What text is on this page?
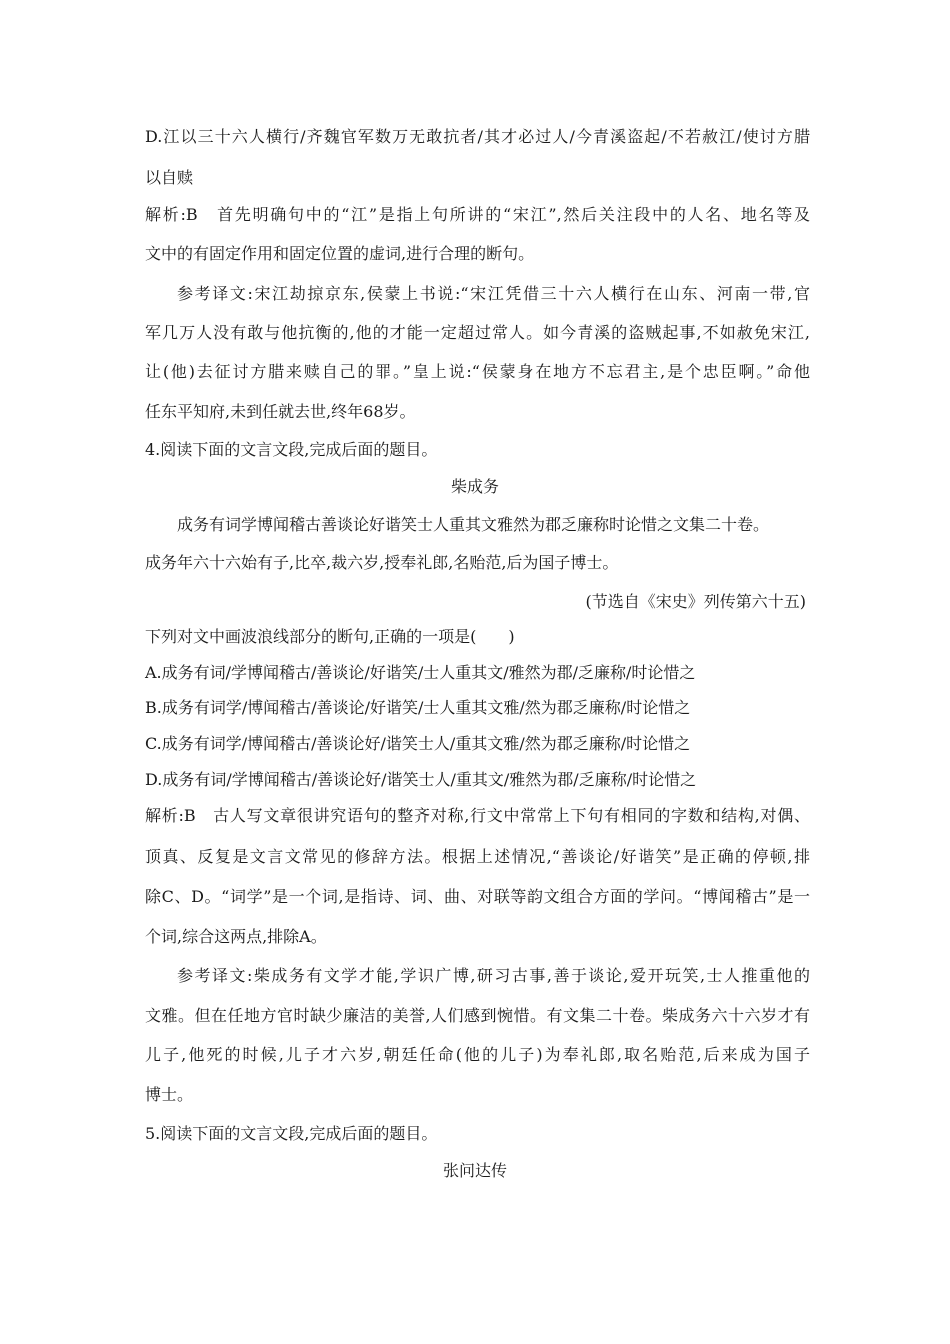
D.江以三十六人横行/齐魏官军数万无敢抗者/其才必过人/今青溪盗起/不若赦江/使讨方腊
以自赎
解析:B　首先明确句中的“江”是指上句所讲的“宋江”,然后关注段中的人名、地名等及
文中的有固定作用和固定位置的虚词,进行合理的断句。
参考译文:宋江劫掠京东,侯蒙上书说:“宋江凭借三十六人横行在山东、河南一带,官
军几万人没有敢与他抗衡的,他的才能一定超过常人。如今青溪的盗贼起事,不如赦免宋江,
让(他)去征讨方腊来赎自己的罪。”皇上说:“侯蒙身在地方不忘君主,是个忠臣啊。”命他
任东平知府,未到任就去世,终年68岁。
4.阅读下面的文言文段,完成后面的题目。
柴成务
成务有词学博闻稽古善谈论好谐笑士人重其文雅然为郡乏廉称时论惜之文集二十卷。
成务年六十六始有子,比卒,裁六岁,授奉礼郎,名贻范,后为国子博士。
(节选自《宋史》列传第六十五)
下列对文中画波浪线部分的断句,正确的一项是(　　)
A.成务有词/学博闻稽古/善谈论/好谐笑/士人重其文/雅然为郡/乏廉称/时论惜之
B.成务有词学/博闻稽古/善谈论/好谐笑/士人重其文雅/然为郡乏廉称/时论惜之
C.成务有词学/博闻稽古/善谈论好/谐笑士人/重其文雅/然为郡乏廉称/时论惜之
D.成务有词/学博闻稽古/善谈论好/谐笑士人/重其文/雅然为郡/乏廉称/时论惜之
解析:B　古人写文章很讲究语句的整齐对称,行文中常常上下句有相同的字数和结构,对偶、
顶真、反复是文言文常见的修辞方法。根据上述情况,“善谈论/好谐笑”是正确的停顿,排
除C、D。“词学”是一个词,是指诗、词、曲、对联等韵文组合方面的学问。“博闻稽古”是一
个词,综合这两点,排除A。
参考译文:柴成务有文学才能,学识广博,研习古事,善于谈论,爱开玩笑,士人推重他的
文雅。但在任地方官时缺少廉洁的美誉,人们感到惋惜。有文集二十卷。柴成务六十六岁才有
儿子,他死的时候,儿子才六岁,朝廷任命(他的儿子)为奉礼郎,取名贻范,后来成为国子
博士。
5.阅读下面的文言文段,完成后面的题目。
张问达传
